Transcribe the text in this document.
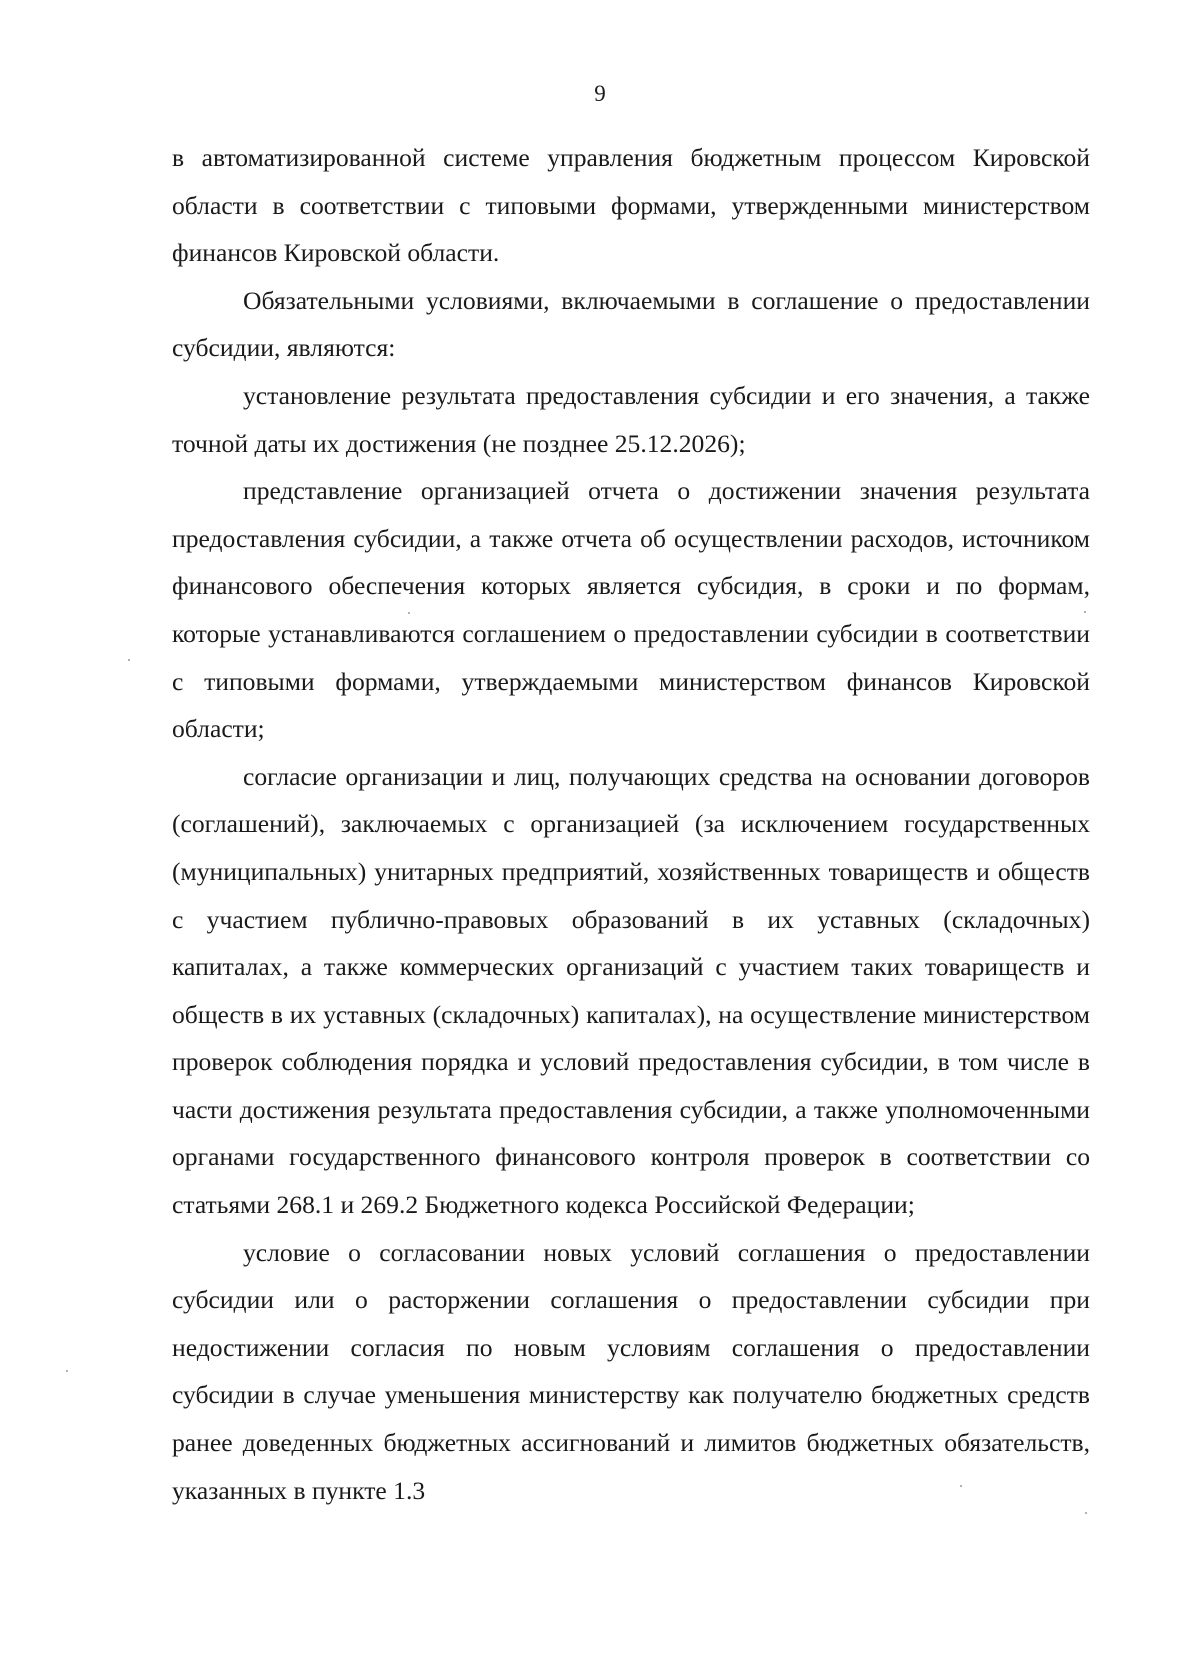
9

в автоматизированной системе управления бюджетным процессом Кировской области в соответствии с типовыми формами, утвержденными министерством финансов Кировской области.

Обязательными условиями, включаемыми в соглашение о предоставлении субсидии, являются:

установление результата предоставления субсидии и его значения, а также точной даты их достижения (не позднее 25.12.2026);

представление организацией отчета о достижении значения результата предоставления субсидии, а также отчета об осуществлении расходов, источником финансового обеспечения которых является субсидия, в сроки и по формам, которые устанавливаются соглашением о предоставлении субсидии в соответствии с типовыми формами, утверждаемыми министерством финансов Кировской области;

согласие организации и лиц, получающих средства на основании договоров (соглашений), заключаемых с организацией (за исключением государственных (муниципальных) унитарных предприятий, хозяйственных товариществ и обществ с участием публично-правовых образований в их уставных (складочных) капиталах, а также коммерческих организаций с участием таких товариществ и обществ в их уставных (складочных) капиталах), на осуществление министерством проверок соблюдения порядка и условий предоставления субсидии, в том числе в части достижения результата предоставления субсидии, а также уполномоченными органами государственного финансового контроля проверок в соответствии со статьями 268.1 и 269.2 Бюджетного кодекса Российской Федерации;

условие о согласовании новых условий соглашения о предоставлении субсидии или о расторжении соглашения о предоставлении субсидии при недостижении согласия по новым условиям соглашения о предоставлении субсидии в случае уменьшения министерству как получателю бюджетных средств ранее доведенных бюджетных ассигнований и лимитов бюджетных обязательств, указанных в пункте 1.3
